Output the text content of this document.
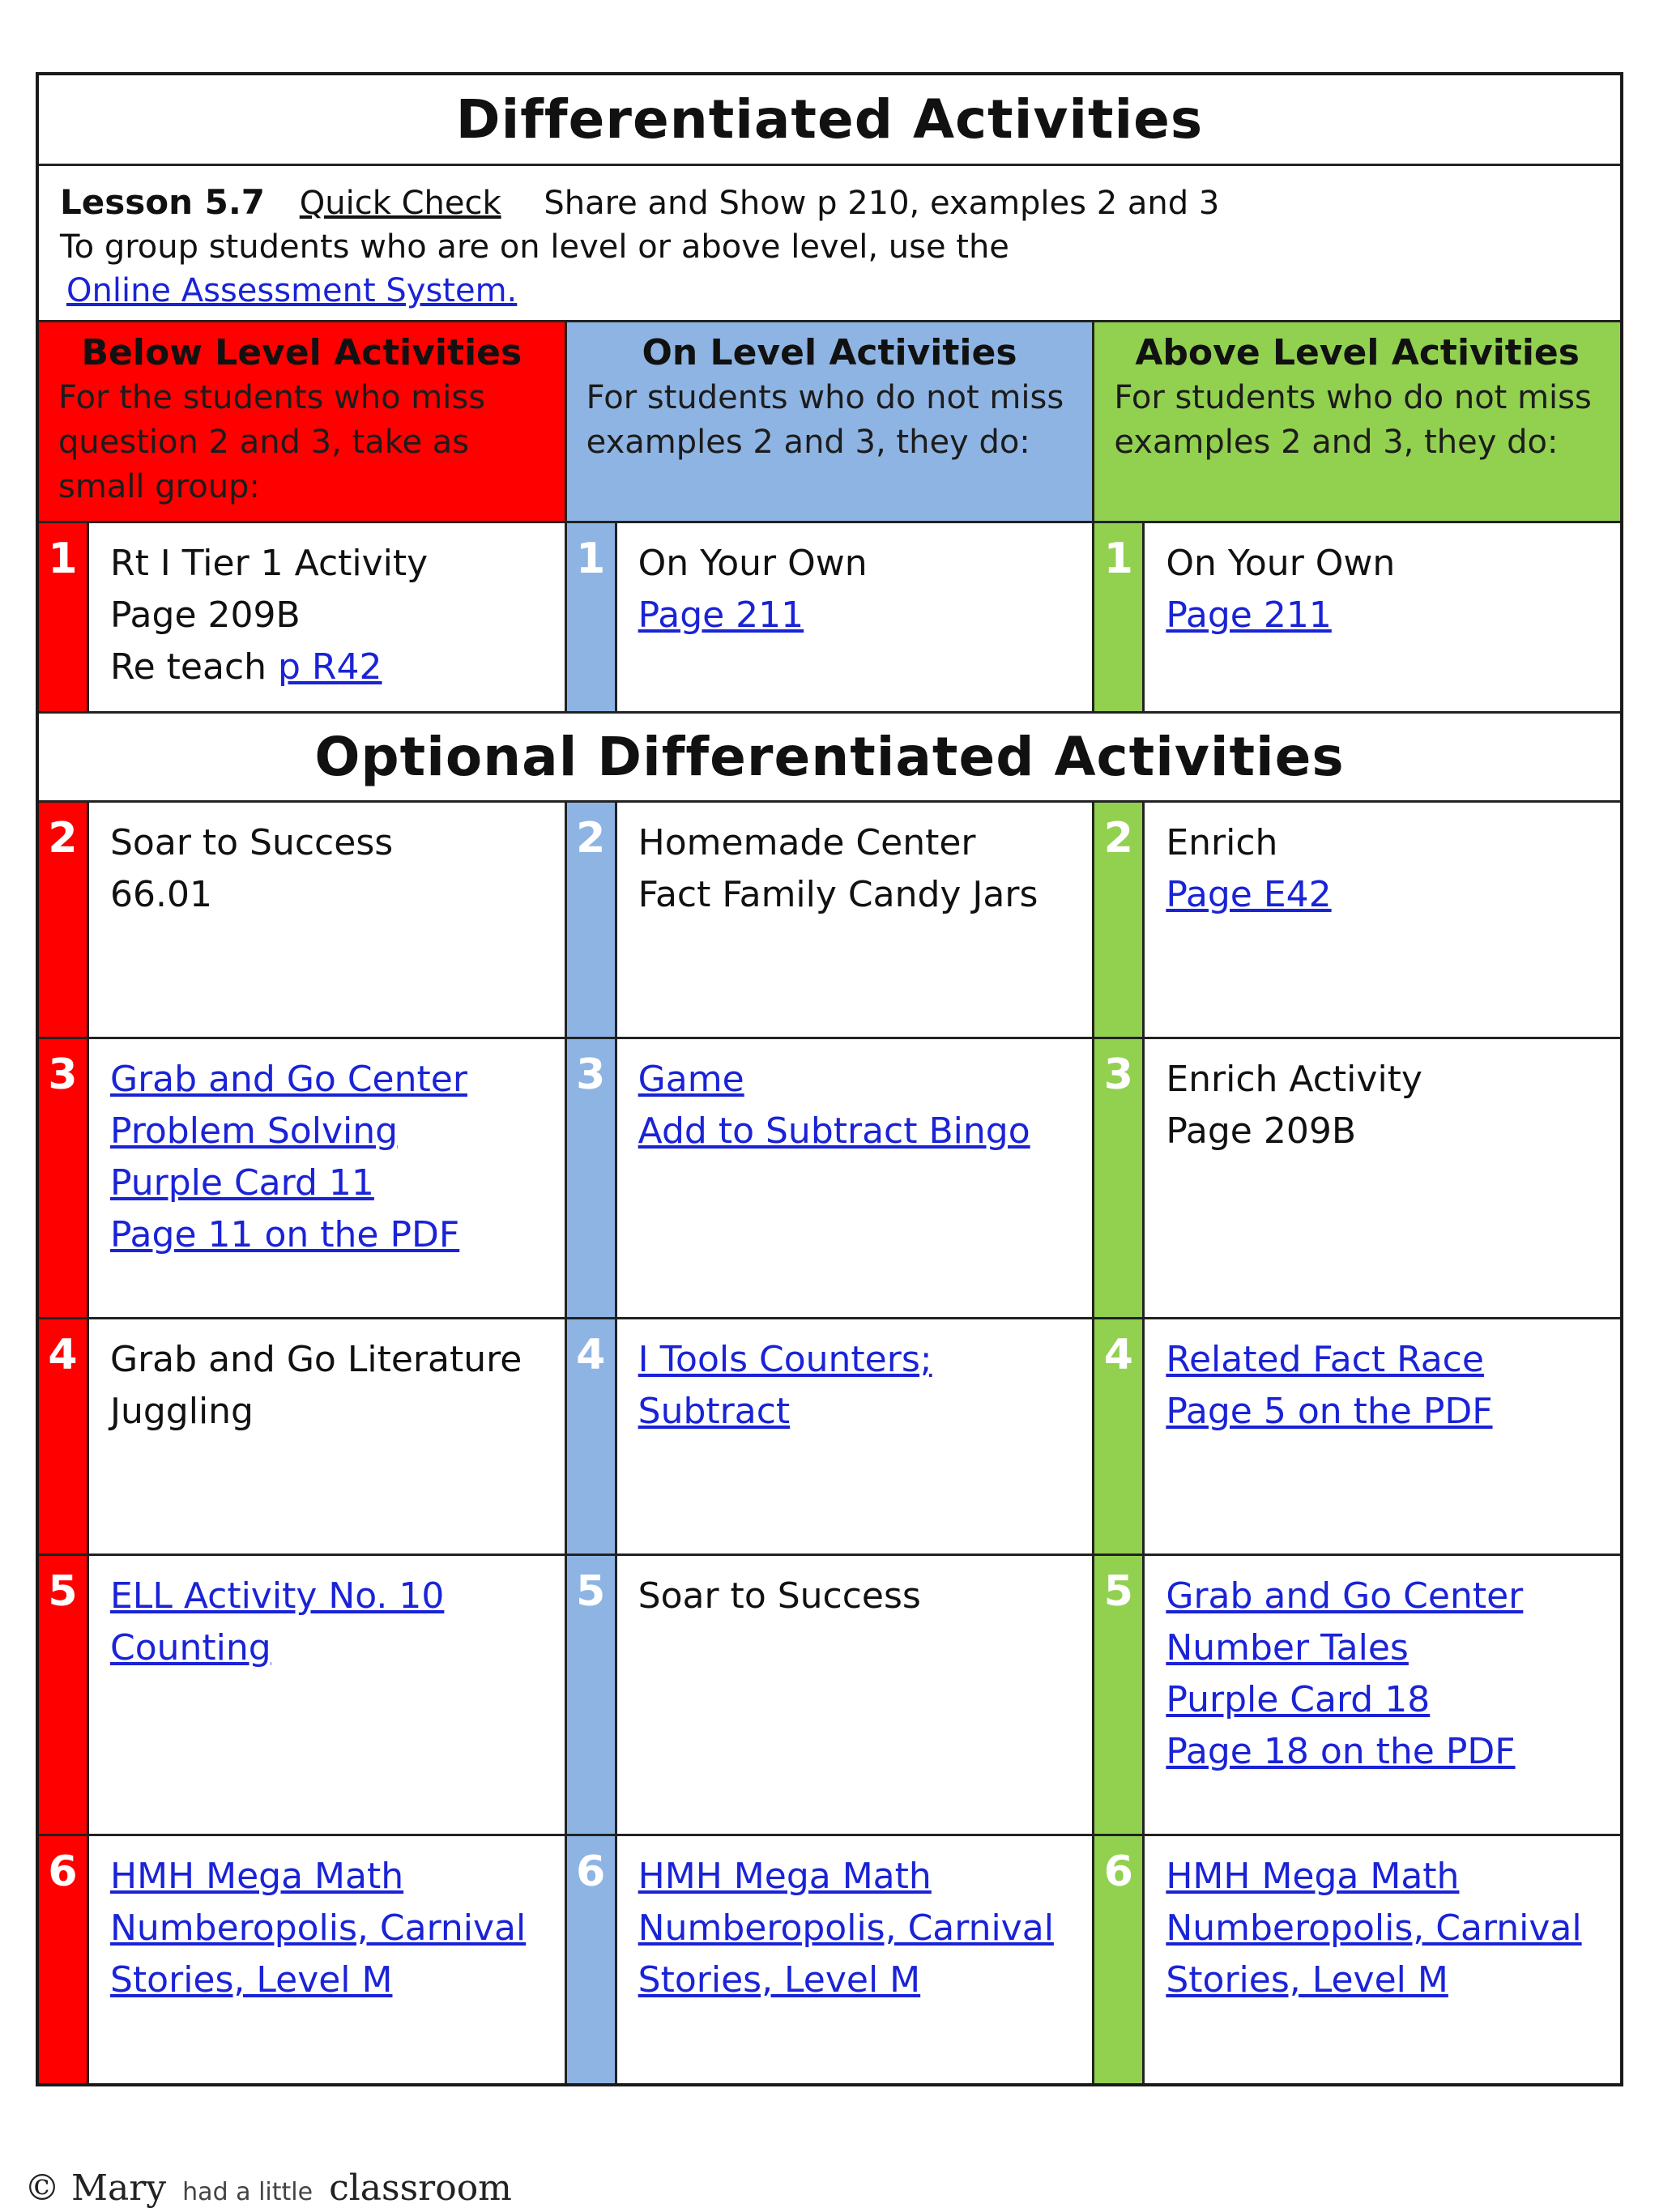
Differentiated Activities
Lesson 5.7 Quick Check Share and Show p 210, examples 2 and 3
To group students who are on level or above level, use the
Online Assessment System.
Below Level Activities
For the students who miss question 2 and 3, take as small group:
On Level Activities
For students who do not miss examples 2 and 3, they do:
Above Level Activities
For students who do not miss examples 2 and 3, they do:
1 Rt I Tier 1 Activity
Page 209B
Re teach p R42
1 On Your Own
Page 211
1 On Your Own
Page 211
Optional Differentiated Activities
2 Soar to Success
66.01
2 Homemade Center
Fact Family Candy Jars
2 Enrich
Page E42
3 Grab and Go Center
Problem Solving
Purple Card 11
Page 11 on the PDF
3 Game
Add to Subtract Bingo
3 Enrich Activity
Page 209B
4 Grab and Go Literature
Juggling
4 I Tools Counters;
Subtract
4 Related Fact Race
Page 5 on the PDF
5 ELL Activity No. 10
Counting
5 Soar to Success	5 Grab and Go Center
Number Tales
Purple Card 18
Page 18 on the PDF
6 HMH Mega Math
Numberopolis, Carnival
Stories, Level M
6 HMH Mega Math
Numberopolis, Carnival
Stories, Level M
6 HMH Mega Math
Numberopolis, Carnival
Stories, Level M
© Mary had a little classroom
